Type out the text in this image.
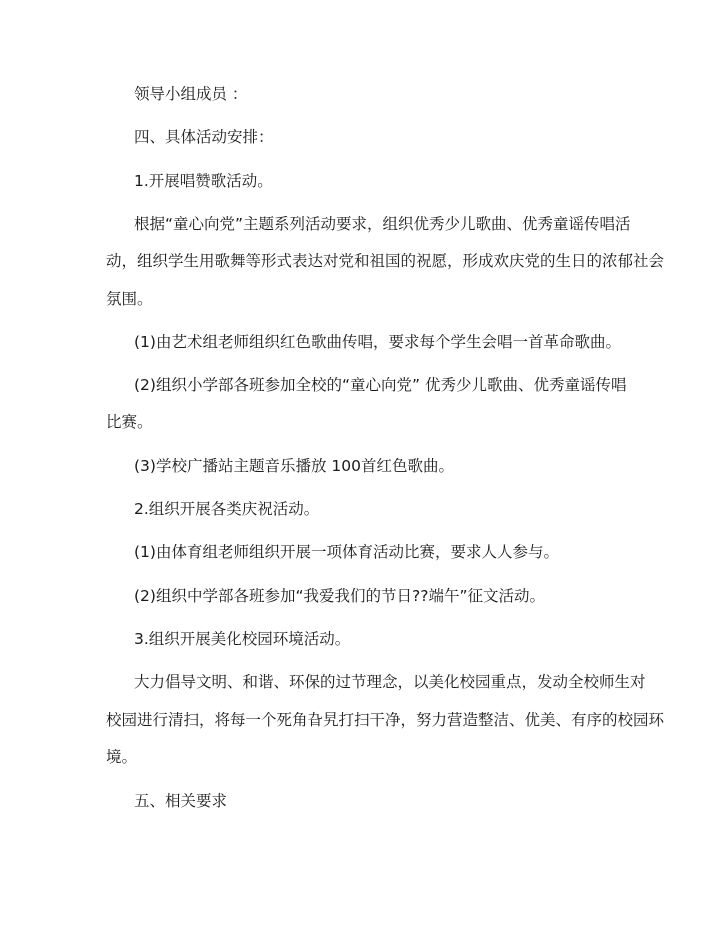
领导小组成员 ：
四、具体活动安排：
1.开展唱赞歌活动。
根据“童心向党”主题系列活动要求，组织优秀少儿歌曲、优秀童谣传唱活
动，组织学生用歌舞等形式表达对党和祖国的祝愿，形成欢庆党的生日的浓郁社会
氛围。
(1)由艺术组老师组织红色歌曲传唱，要求每个学生会唱一首革命歌曲。
(2)组织小学部各班参加全校的“童心向党” 优秀少儿歌曲、优秀童谣传唱
比赛。
(3)学校广播站主题音乐播放 100首红色歌曲。
2.组织开展各类庆祝活动。
(1)由体育组老师组织开展一项体育活动比赛，要求人人参与。
(2)组织中学部各班参加“我爱我们的节日??端午”征文活动。
3.组织开展美化校园环境活动。
大力倡导文明、和谐、环保的过节理念，以美化校园重点，发动全校师生对
校园进行清扫，将每一个死角旮旯打扫干净，努力营造整洁、优美、有序的校园环
境。
五、相关要求
